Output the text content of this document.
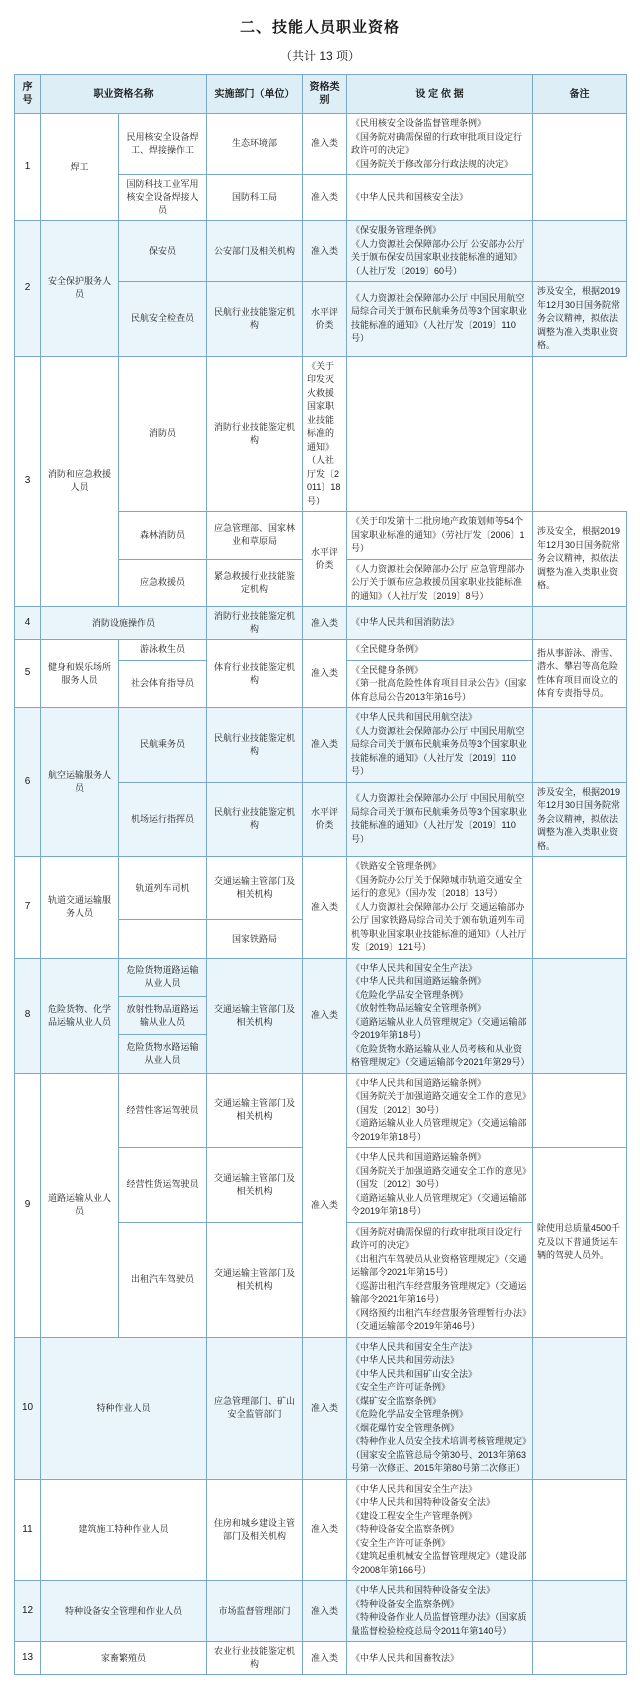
二、技能人员职业资格
（共计 13 项）
序号	职业资格名称		实施部门（单位）	资格类别	设 定 依 据	备注
1	焊工	民用核安全设备焊工、焊接操作工	生态环境部	准入类	《民用核安全设备监督管理条例》
《国务院对确需保留的行政审批项目设定行政许可的决定》
《国务院关于修改部分行政法规的决定》	

		国防科技工业军用核安全设备焊接人员	国防科工局	准入类	《中华人民共和国核安全法》	

2	安全保护服务人员	保安员	公安部门及相关机构	准入类	《保安服务管理条例》
《人力资源社会保障部办公厅 公安部办公厅关于颁布保安员国家职业技能标准的通知》（人社厅发〔2019〕60号）	

		民航安全检查员	民航行业技能鉴定机构	水平评价类	《人力资源社会保障部办公厅 中国民用航空局综合司关于颁布民航乘务员等3个国家职业技能标准的通知》（人社厅发〔2019〕110号）	涉及安全，根据2019年12月30日国务院常务会议精神，拟依法调整为准入类职业资格。
3	消防和应急救援人员	消防员	消防行业技能鉴定机构	《关于印发灭火救援国家职业技能标准的通知》（人社厅发〔2011〕18号）		

		森林消防员	应急管理部、国家林业和草原局	水平评价类	《关于印发第十二批房地产政策划师等54个国家职业标准的通知》（劳社厅发〔2006〕1号）	涉及安全，根据2019年12月30日国务院常务会议精神，拟依法调整为准入类职业资格。
		应急救援员	紧急救援行业技能鉴定机构		《人力资源社会保障部办公厅 应急管理部办公厅关于颁布应急救援员国家职业技能标准的通知》（人社厅发〔2019〕8号）	

4	消防设施操作员		消防行业技能鉴定机构	准入类	《中华人民共和国消防法》	

5	健身和娱乐场所服务人员	游泳救生员	体育行业技能鉴定机构	准入类	《全民健身条例》	指从事游泳、滑雪、潜水、攀岩等高危险性体育项目而设立的体育专责指导员。
		社会体育指导员			《全民健身条例》
《第一批高危险性体育项目目录公告》（国家体育总局公告2013年第16号）	

6	航空运输服务人员	民航乘务员	民航行业技能鉴定机构	准入类	《中华人民共和国民用航空法》
《人力资源社会保障部办公厅 中国民用航空局综合司关于颁布民航乘务员等3个国家职业技能标准的通知》（人社厅发〔2019〕110号）	

		机场运行指挥员	民航行业技能鉴定机构	水平评价类	《人力资源社会保障部办公厅 中国民用航空局综合司关于颁布民航乘务员等3个国家职业技能标准的通知》（人社厅发〔2019〕110号）	涉及安全，根据2019年12月30日国务院常务会议精神，拟依法调整为准入类职业资格。
7	轨道交通运输服务人员	轨道列车司机	交通运输主管部门及相关机构	准入类	《铁路安全管理条例》
《国务院办公厅关于保障城市轨道交通安全运行的意见》（国办发〔2018〕13号）
《人力资源社会保障部办公厅 交通运输部办公厅 国家铁路局综合司关于颁布轨道列车司机等职业国家职业技能标准的通知》（人社厅发〔2019〕121号）	

			国家铁路局			
8	危险货物、化学品运输从业人员	危险货物道路运输从业人员	交通运输主管部门及相关机构	准入类	
《中华人民共和国安全生产法》
《中华人民共和国道路运输条例》
《危险化学品安全管理条例》
《放射性物品运输安全管理条例》
《道路运输从业人员管理规定》（交通运输部令2019年第18号）
《危险货物水路运输从业人员考核和从业资格管理规定》（交通运输部令2021年第29号）

		放射性物品道路运输从业人员				
		危险货物水路运输从业人员				
9	道路运输从业人员	经营性客运驾驶员	交通运输主管部门及相关机构	准入类	《中华人民共和国道路运输条例》
《国务院关于加强道路交通安全工作的意见》（国发〔2012〕30号）
《道路运输从业人员管理规定》（交通运输部令2019年第18号）	

		经营性货运驾驶员	交通运输主管部门及相关机构		《中华人民共和国道路运输条例》
《国务院关于加强道路交通安全工作的意见》（国发〔2012〕30号）
《道路运输从业人员管理规定》（交通运输部令2019年第18号）	除使用总质量4500千克及以下普通货运车辆的驾驶人员外。
		出租汽车驾驶员	交通运输主管部门及相关机构		《国务院对确需保留的行政审批项目设定行政许可的决定》
《出租汽车驾驶员从业资格管理规定》（交通运输部令2021年第15号）
《巡游出租汽车经营服务管理规定》（交通运输部令2021年第16号）
《网络预约出租汽车经营服务管理暂行办法》（交通运输部令2019年第46号）	

10	特种作业人员	应急管理部门、矿山安全监管部门	准入类	
《中华人民共和国安全生产法》
《中华人民共和国劳动法》
《中华人民共和国矿山安全法》
《安全生产许可证条例》
《煤矿安全监察条例》
《危险化学品安全管理条例》
《烟花爆竹安全管理条例》
《特种作业人员安全技术培训考核管理规定》（国家安全监管总局令第30号、2013年第63号第一次修正、2015年第80号第二次修正）

11	建筑施工特种作业人员	住房和城乡建设主管部门及相关机构	准入类	
《中华人民共和国安全生产法》
《中华人民共和国特种设备安全法》
《建设工程安全生产管理条例》
《特种设备安全监察条例》
《安全生产许可证条例》
《建筑起重机械安全监督管理规定》（建设部令2008年第166号）

12	特种设备安全管理和作业人员		市场监督管理部门	准入类	《中华人民共和国特种设备安全法》
《特种设备安全监察条例》
《特种设备作业人员监督管理办法》（国家质量监督检验检疫总局令2011年第140号）	

13	家畜繁殖员		农业行业技能鉴定机构	准入类	《中华人民共和国畜牧法》	
